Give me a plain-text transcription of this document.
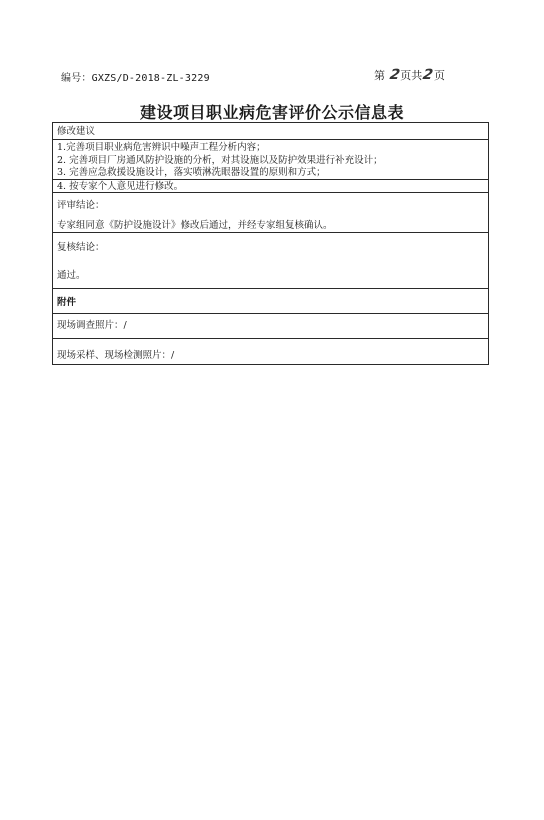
编号：GXZS/D-2018-ZL-3229	第 2页共2页
建设项目职业病危害评价公示信息表
修改建议
1.完善项目职业病危害辨识中噪声工程分析内容；
2. 完善项目厂房通风防护设施的分析，对其设施以及防护效果进行补充设计；
3. 完善应急救援设施设计，落实喷淋洗眼器设置的原则和方式；
4. 按专家个人意见进行修改。
评审结论：
专家组同意《防护设施设计》修改后通过，并经专家组复核确认。
复核结论：
通过。
附件
现场调查照片：/
现场采样、现场检测照片：/
